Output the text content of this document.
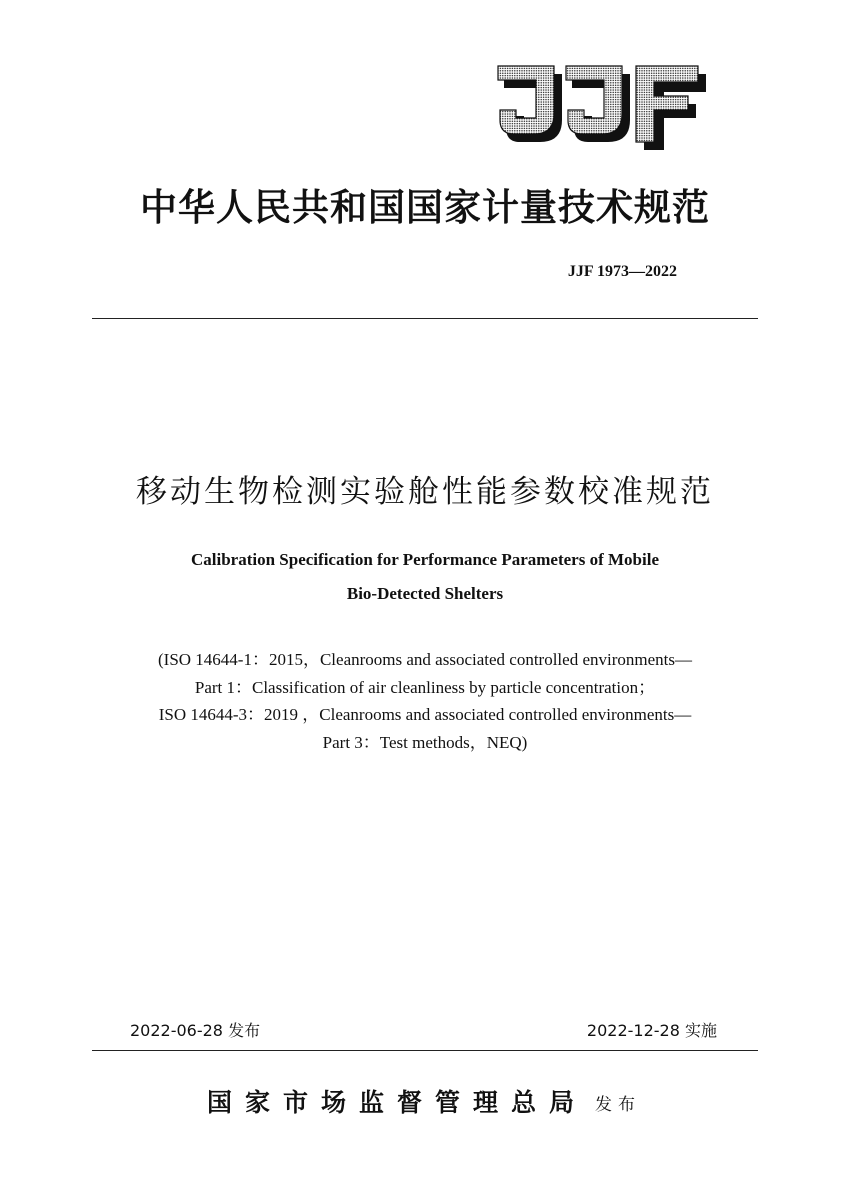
中华人民共和国国家计量技术规范
JJF 1973—2022
移动生物检测实验舱性能参数校准规范
Calibration Specification for Performance Parameters of Mobile
Bio-Detected Shelters
(ISO 14644-1：2015，Cleanrooms and associated controlled environments—
Part 1：Classification of air cleanliness by particle concentration；
ISO 14644-3：2019 ，Cleanrooms and associated controlled environments—
Part 3：Test methods，NEQ)
2022-06-28 发布	2022-12-28 实施
国家市场监督管理总局 发布
